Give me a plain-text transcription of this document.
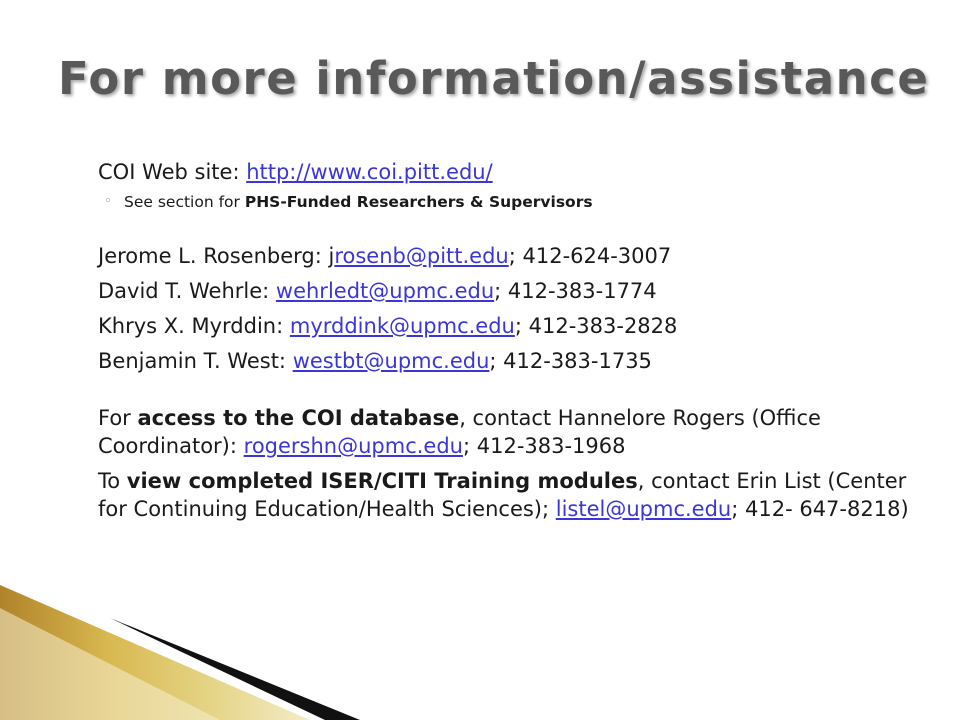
For more information/assistance
COI Web site: http://www.coi.pitt.edu/
◦ See section for PHS-Funded Researchers & Supervisors
Jerome L. Rosenberg: jrosenb@pitt.edu; 412-624-3007
David T. Wehrle: wehrledt@upmc.edu; 412-383-1774
Khrys X. Myrddin: myrddink@upmc.edu; 412-383-2828
Benjamin T. West: westbt@upmc.edu; 412-383-1735
For access to the COI database, contact Hannelore Rogers (Office Coordinator): rogershn@upmc.edu; 412-383-1968
To view completed ISER/CITI Training modules, contact Erin List (Center for Continuing Education/Health Sciences); listel@upmc.edu; 412- 647-8218)
